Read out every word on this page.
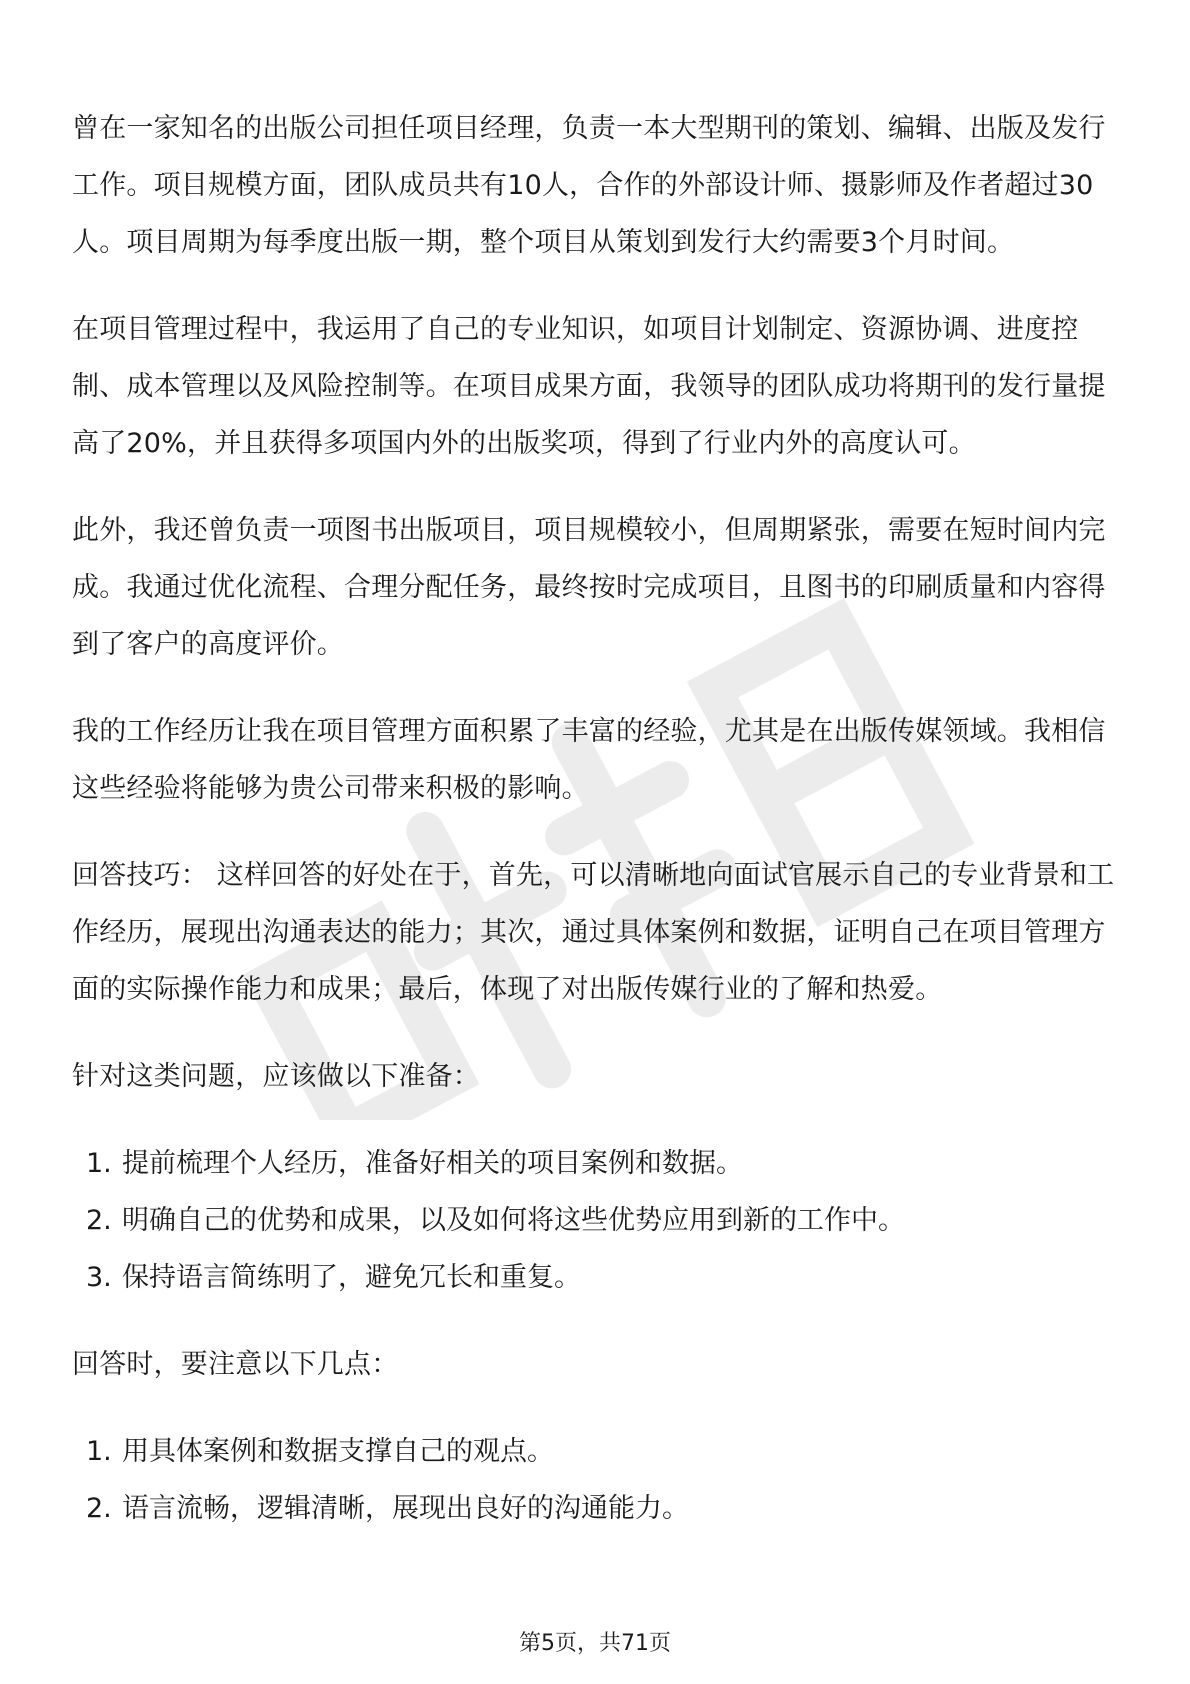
曾在一家知名的出版公司担任项目经理，负责一本大型期刊的策划、编辑、出版及发行工作。项目规模方面，团队成员共有10人，合作的外部设计师、摄影师及作者超过30人。项目周期为每季度出版一期，整个项目从策划到发行大约需要3个月时间。

在项目管理过程中，我运用了自己的专业知识，如项目计划制定、资源协调、进度控制、成本管理以及风险控制等。在项目成果方面，我领导的团队成功将期刊的发行量提高了20%，并且获得多项国内外的出版奖项，得到了行业内外的高度认可。

此外，我还曾负责一项图书出版项目，项目规模较小，但周期紧张，需要在短时间内完成。我通过优化流程、合理分配任务，最终按时完成项目，且图书的印刷质量和内容得到了客户的高度评价。

我的工作经历让我在项目管理方面积累了丰富的经验，尤其是在出版传媒领域。我相信这些经验将能够为贵公司带来积极的影响。

回答技巧： 这样回答的好处在于，首先，可以清晰地向面试官展示自己的专业背景和工作经历，展现出沟通表达的能力；其次，通过具体案例和数据，证明自己在项目管理方面的实际操作能力和成果；最后，体现了对出版传媒行业的了解和热爱。

针对这类问题，应该做以下准备：

1. 提前梳理个人经历，准备好相关的项目案例和数据。
2. 明确自己的优势和成果，以及如何将这些优势应用到新的工作中。
3. 保持语言简练明了，避免冗长和重复。

回答时，要注意以下几点：

1. 用具体案例和数据支撑自己的观点。
2. 语言流畅，逻辑清晰，展现出良好的沟通能力。
第5页，共71页
